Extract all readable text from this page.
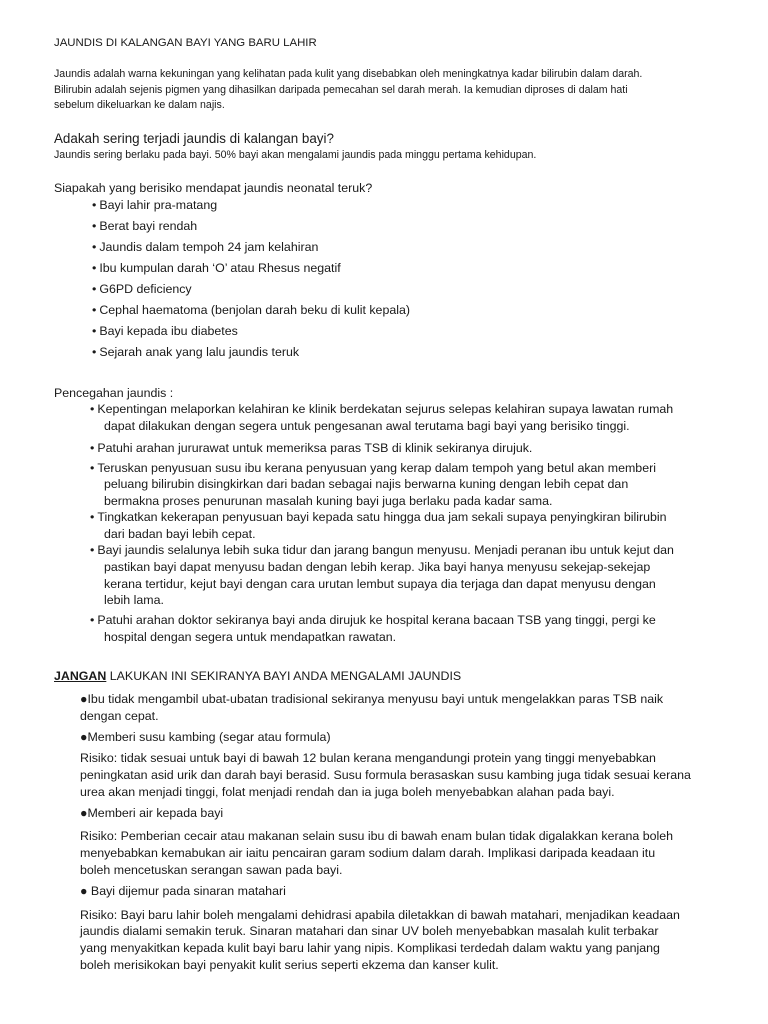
JAUNDIS DI KALANGAN BAYI YANG BARU LAHIR

Jaundis adalah warna kekuningan yang kelihatan pada kulit yang disebabkan oleh meningkatnya kadar bilirubin dalam darah.

Bilirubin adalah sejenis pigmen yang dihasilkan daripada pemecahan sel darah merah. Ia kemudian diproses di dalam hati

sebelum dikeluarkan ke dalam najis.

Adakah sering terjadi jaundis di kalangan bayi?

Jaundis sering berlaku pada bayi. 50% bayi akan mengalami jaundis pada minggu pertama kehidupan.

Siapakah yang berisiko mendapat jaundis neonatal teruk?

• Bayi lahir pra-matang

• Berat bayi rendah

• Jaundis dalam tempoh 24 jam kelahiran

• Ibu kumpulan darah ‘O’ atau Rhesus negatif

• G6PD deficiency

• Cephal haematoma (benjolan darah beku di kulit kepala)

• Bayi kepada ibu diabetes

• Sejarah anak yang lalu jaundis teruk

Pencegahan jaundis :

• Kepentingan melaporkan kelahiran ke klinik berdekatan sejurus selepas kelahiran supaya lawatan rumah

dapat dilakukan dengan segera untuk pengesanan awal terutama bagi bayi yang berisiko tinggi.

• Patuhi arahan jururawat untuk memeriksa paras TSB di klinik sekiranya dirujuk.

• Teruskan penyusuan susu ibu kerana penyusuan yang kerap dalam tempoh yang betul akan memberi

peluang bilirubin disingkirkan dari badan sebagai najis berwarna kuning dengan lebih cepat dan

bermakna proses penurunan masalah kuning bayi juga berlaku pada kadar sama.

• Tingkatkan kekerapan penyusuan bayi kepada satu hingga dua jam sekali supaya penyingkiran bilirubin

dari badan bayi lebih cepat.

• Bayi jaundis selalunya lebih suka tidur dan jarang bangun menyusu. Menjadi peranan ibu untuk kejut dan

pastikan bayi dapat menyusu badan dengan lebih kerap. Jika bayi hanya menyusu sekejap-sekejap

kerana tertidur, kejut bayi dengan cara urutan lembut supaya dia terjaga dan dapat menyusu dengan

lebih lama.

• Patuhi arahan doktor sekiranya bayi anda dirujuk ke hospital kerana bacaan TSB yang tinggi, pergi ke

hospital dengan segera untuk mendapatkan rawatan.

JANGAN LAKUKAN INI SEKIRANYA BAYI ANDA MENGALAMI JAUNDIS

●Ibu tidak mengambil ubat-ubatan tradisional sekiranya menyusu bayi untuk mengelakkan paras TSB naik

dengan cepat.

●Memberi susu kambing (segar atau formula)

Risiko: tidak sesuai untuk bayi di bawah 12 bulan kerana mengandungi protein yang tinggi menyebabkan

peningkatan asid urik dan darah bayi berasid. Susu formula berasaskan susu kambing juga tidak sesuai kerana

urea akan menjadi tinggi, folat menjadi rendah dan ia juga boleh menyebabkan alahan pada bayi.

●Memberi air kepada bayi

Risiko: Pemberian cecair atau makanan selain susu ibu di bawah enam bulan tidak digalakkan kerana boleh

menyebabkan kemabukan air iaitu pencairan garam sodium dalam darah. Implikasi daripada keadaan itu

boleh mencetuskan serangan sawan pada bayi.

● Bayi dijemur pada sinaran matahari

Risiko: Bayi baru lahir boleh mengalami dehidrasi apabila diletakkan di bawah matahari, menjadikan keadaan

jaundis dialami semakin teruk. Sinaran matahari dan sinar UV boleh menyebabkan masalah kulit terbakar

yang menyakitkan kepada kulit bayi baru lahir yang nipis. Komplikasi terdedah dalam waktu yang panjang

boleh merisikokan bayi penyakit kulit serius seperti ekzema dan kanser kulit.
